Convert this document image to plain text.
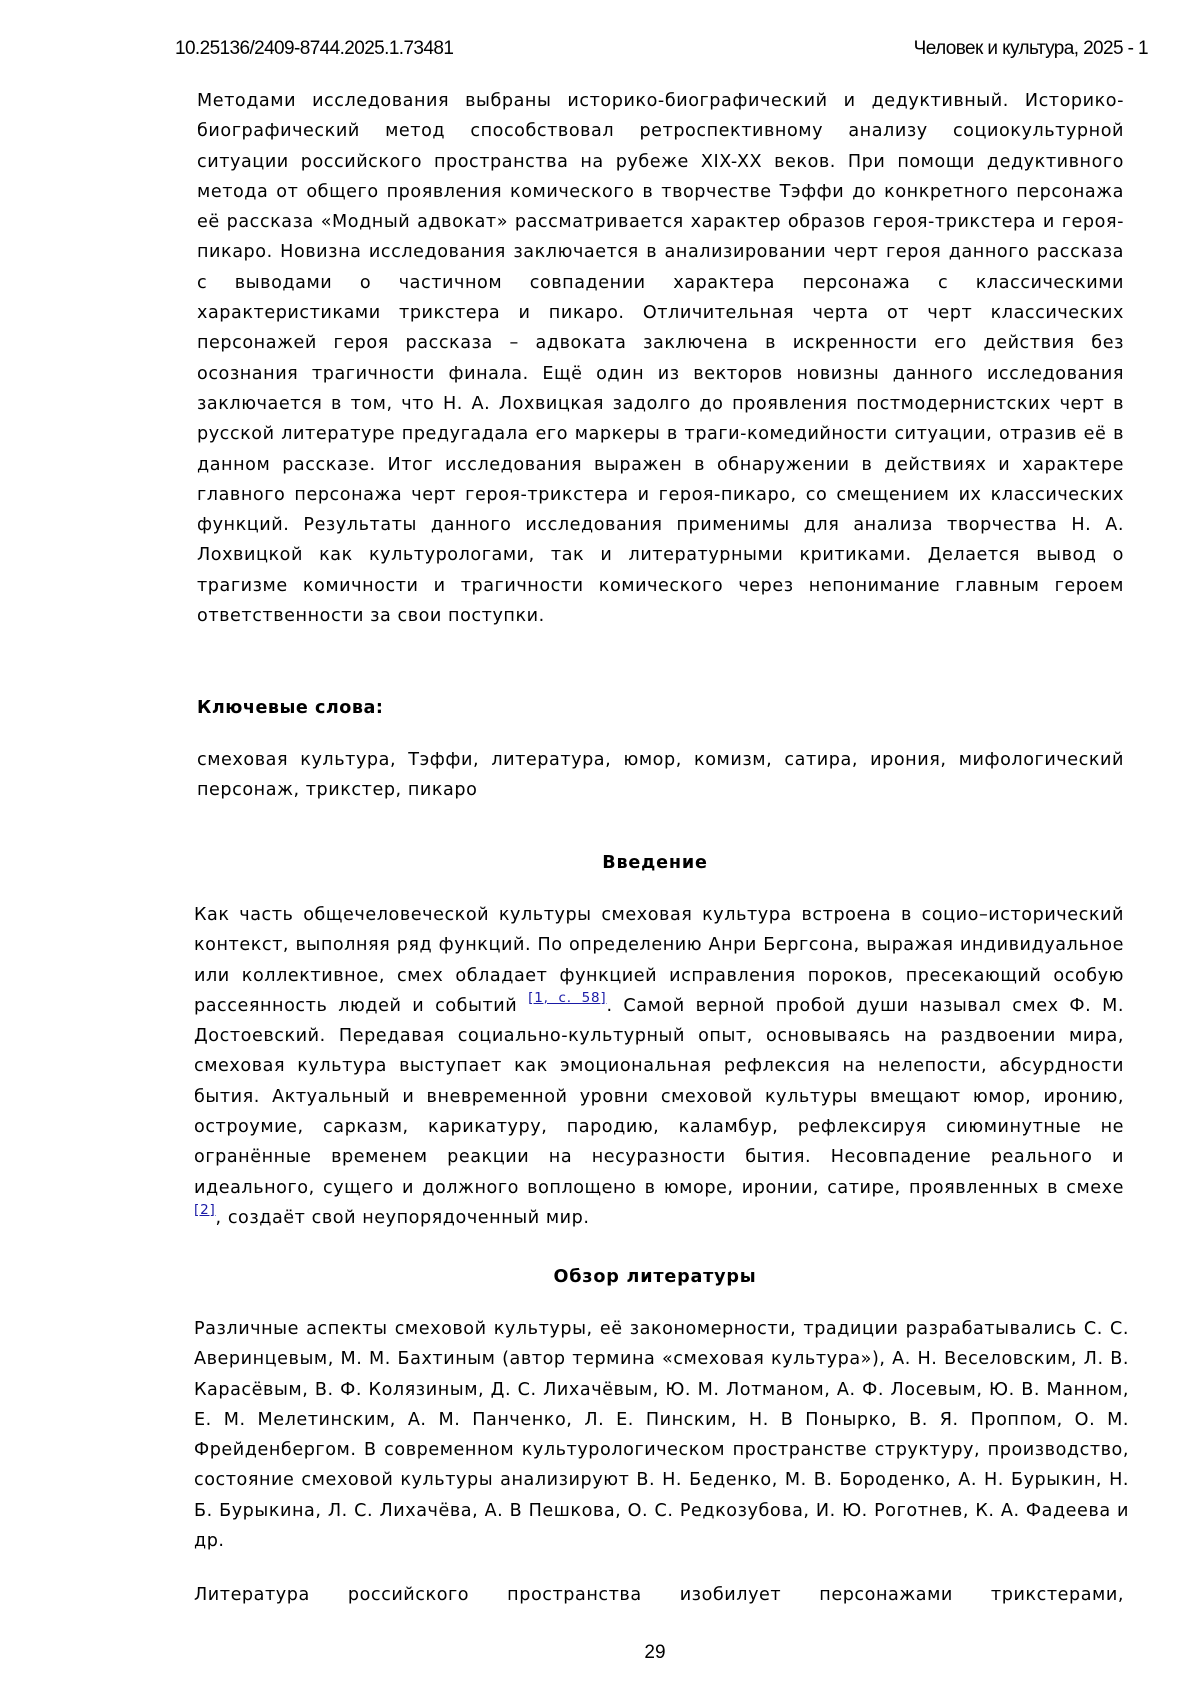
10.25136/2409-8744.2025.1.73481	Человек и культура, 2025 - 1

Методами исследования выбраны историко-биографический и дедуктивный. Историко-биографический метод способствовал ретроспективному анализу социокультурной ситуации российского пространства на рубеже XIX-XX веков. При помощи дедуктивного метода от общего проявления комического в творчестве Тэффи до конкретного персонажа её рассказа «Модный адвокат» рассматривается характер образов героя-трикстера и героя-пикаро. Новизна исследования заключается в анализировании черт героя данного рассказа с выводами о частичном совпадении характера персонажа с классическими характеристиками трикстера и пикаро. Отличительная черта от черт классических персонажей героя рассказа – адвоката заключена в искренности его действия без осознания трагичности финала. Ещё один из векторов новизны данного исследования заключается в том, что Н. А. Лохвицкая задолго до проявления постмодернистских черт в русской литературе предугадала его маркеры в траги-комедийности ситуации, отразив её в данном рассказе. Итог исследования выражен в обнаружении в действиях и характере главного персонажа черт героя-трикстера и героя-пикаро, со смещением их классических функций. Результаты данного исследования применимы для анализа творчества Н. А. Лохвицкой как культурологами, так и литературными критиками. Делается вывод о трагизме комичности и трагичности комического через непонимание главным героем ответственности за свои поступки.

Ключевые слова:

смеховая культура, Тэффи, литература, юмор, комизм, сатира, ирония, мифологический персонаж, трикстер, пикаро

Введение

Как часть общечеловеческой культуры смеховая культура встроена в социо–исторический контекст, выполняя ряд функций. По определению Анри Бергсона, выражая индивидуальное или коллективное, смех обладает функцией исправления пороков, пресекающий особую рассеянность людей и событий [1, с. 58]. Самой верной пробой души называл смех Ф. М. Достоевский. Передавая социально-культурный опыт, основываясь на раздвоении мира, смеховая культура выступает как эмоциональная рефлексия на нелепости, абсурдности бытия. Актуальный и вневременной уровни смеховой культуры вмещают юмор, иронию, остроумие, сарказм, карикатуру, пародию, каламбур, рефлексируя сиюминутные не огранённые временем реакции на несуразности бытия. Несовпадение реального и идеального, сущего и должного воплощено в юморе, иронии, сатире, проявленных в смехе [2], создаёт свой неупорядоченный мир.

Обзор литературы

Различные аспекты смеховой культуры, её закономерности, традиции разрабатывались С. С. Аверинцевым, М. М. Бахтиным (автор термина «смеховая культура»), А. Н. Веселовским, Л. В. Карасёвым, В. Ф. Колязиным, Д. С. Лихачёвым, Ю. М. Лотманом, А. Ф. Лосевым, Ю. В. Манном, Е. М. Мелетинским, А. М. Панченко, Л. Е. Пинским, Н. В Понырко, В. Я. Проппом, О. М. Фрейденбергом. В современном культурологическом пространстве структуру, производство, состояние смеховой культуры анализируют В. Н. Беденко, М. В. Бороденко, А. Н. Бурыкин, Н. Б. Бурыкина, Л. С. Лихачёва, А. В Пешкова, О. С. Редкозубова, И. Ю. Роготнев, К. А. Фадеева и др.

Литература российского пространства изобилует персонажами трикстерами,

29
